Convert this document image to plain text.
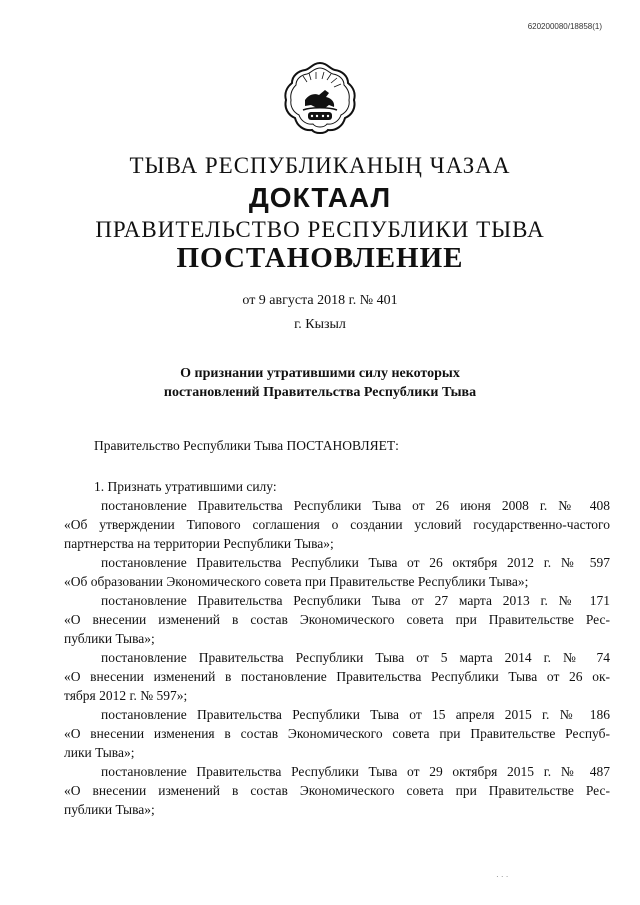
620200080/18858(1)
ТЫВА РЕСПУБЛИКАНЫҢ ЧАЗАА
ДОКТААЛ
ПРАВИТЕЛЬСТВО РЕСПУБЛИКИ ТЫВА
ПОСТАНОВЛЕНИЕ
от 9 августа 2018 г. № 401
г. Кызыл
О признании утратившими силу некоторых
постановлений Правительства Республики Тыва

Правительство Республики Тыва ПОСТАНОВЛЯЕТ:

1. Признать утратившими силу:

постановление Правительства Республики Тыва от 26 июня 2008 г. № 408
«Об утверждении Типового соглашения о создании условий государственно-частого
партнерства на территории Республики Тыва»;

постановление Правительства Республики Тыва от 26 октября 2012 г. № 597
«Об образовании Экономического совета при Правительстве Республики Тыва»;

постановление Правительства Республики Тыва от 27 марта 2013 г. № 171
«О внесении изменений в состав Экономического совета при Правительстве Рес-
публики Тыва»;

постановление Правительства Республики Тыва от 5 марта 2014 г. № 74
«О внесении изменений в постановление Правительства Республики Тыва от 26 ок-
тября 2012 г. № 597»;

постановление Правительства Республики Тыва от 15 апреля 2015 г. № 186
«О внесении изменения в состав Экономического совета при Правительстве Респуб-
лики Тыва»;

постановление Правительства Республики Тыва от 29 октября 2015 г. № 487
«О внесении изменений в состав Экономического совета при Правительстве Рес-
публики Тыва»;

· · ·
